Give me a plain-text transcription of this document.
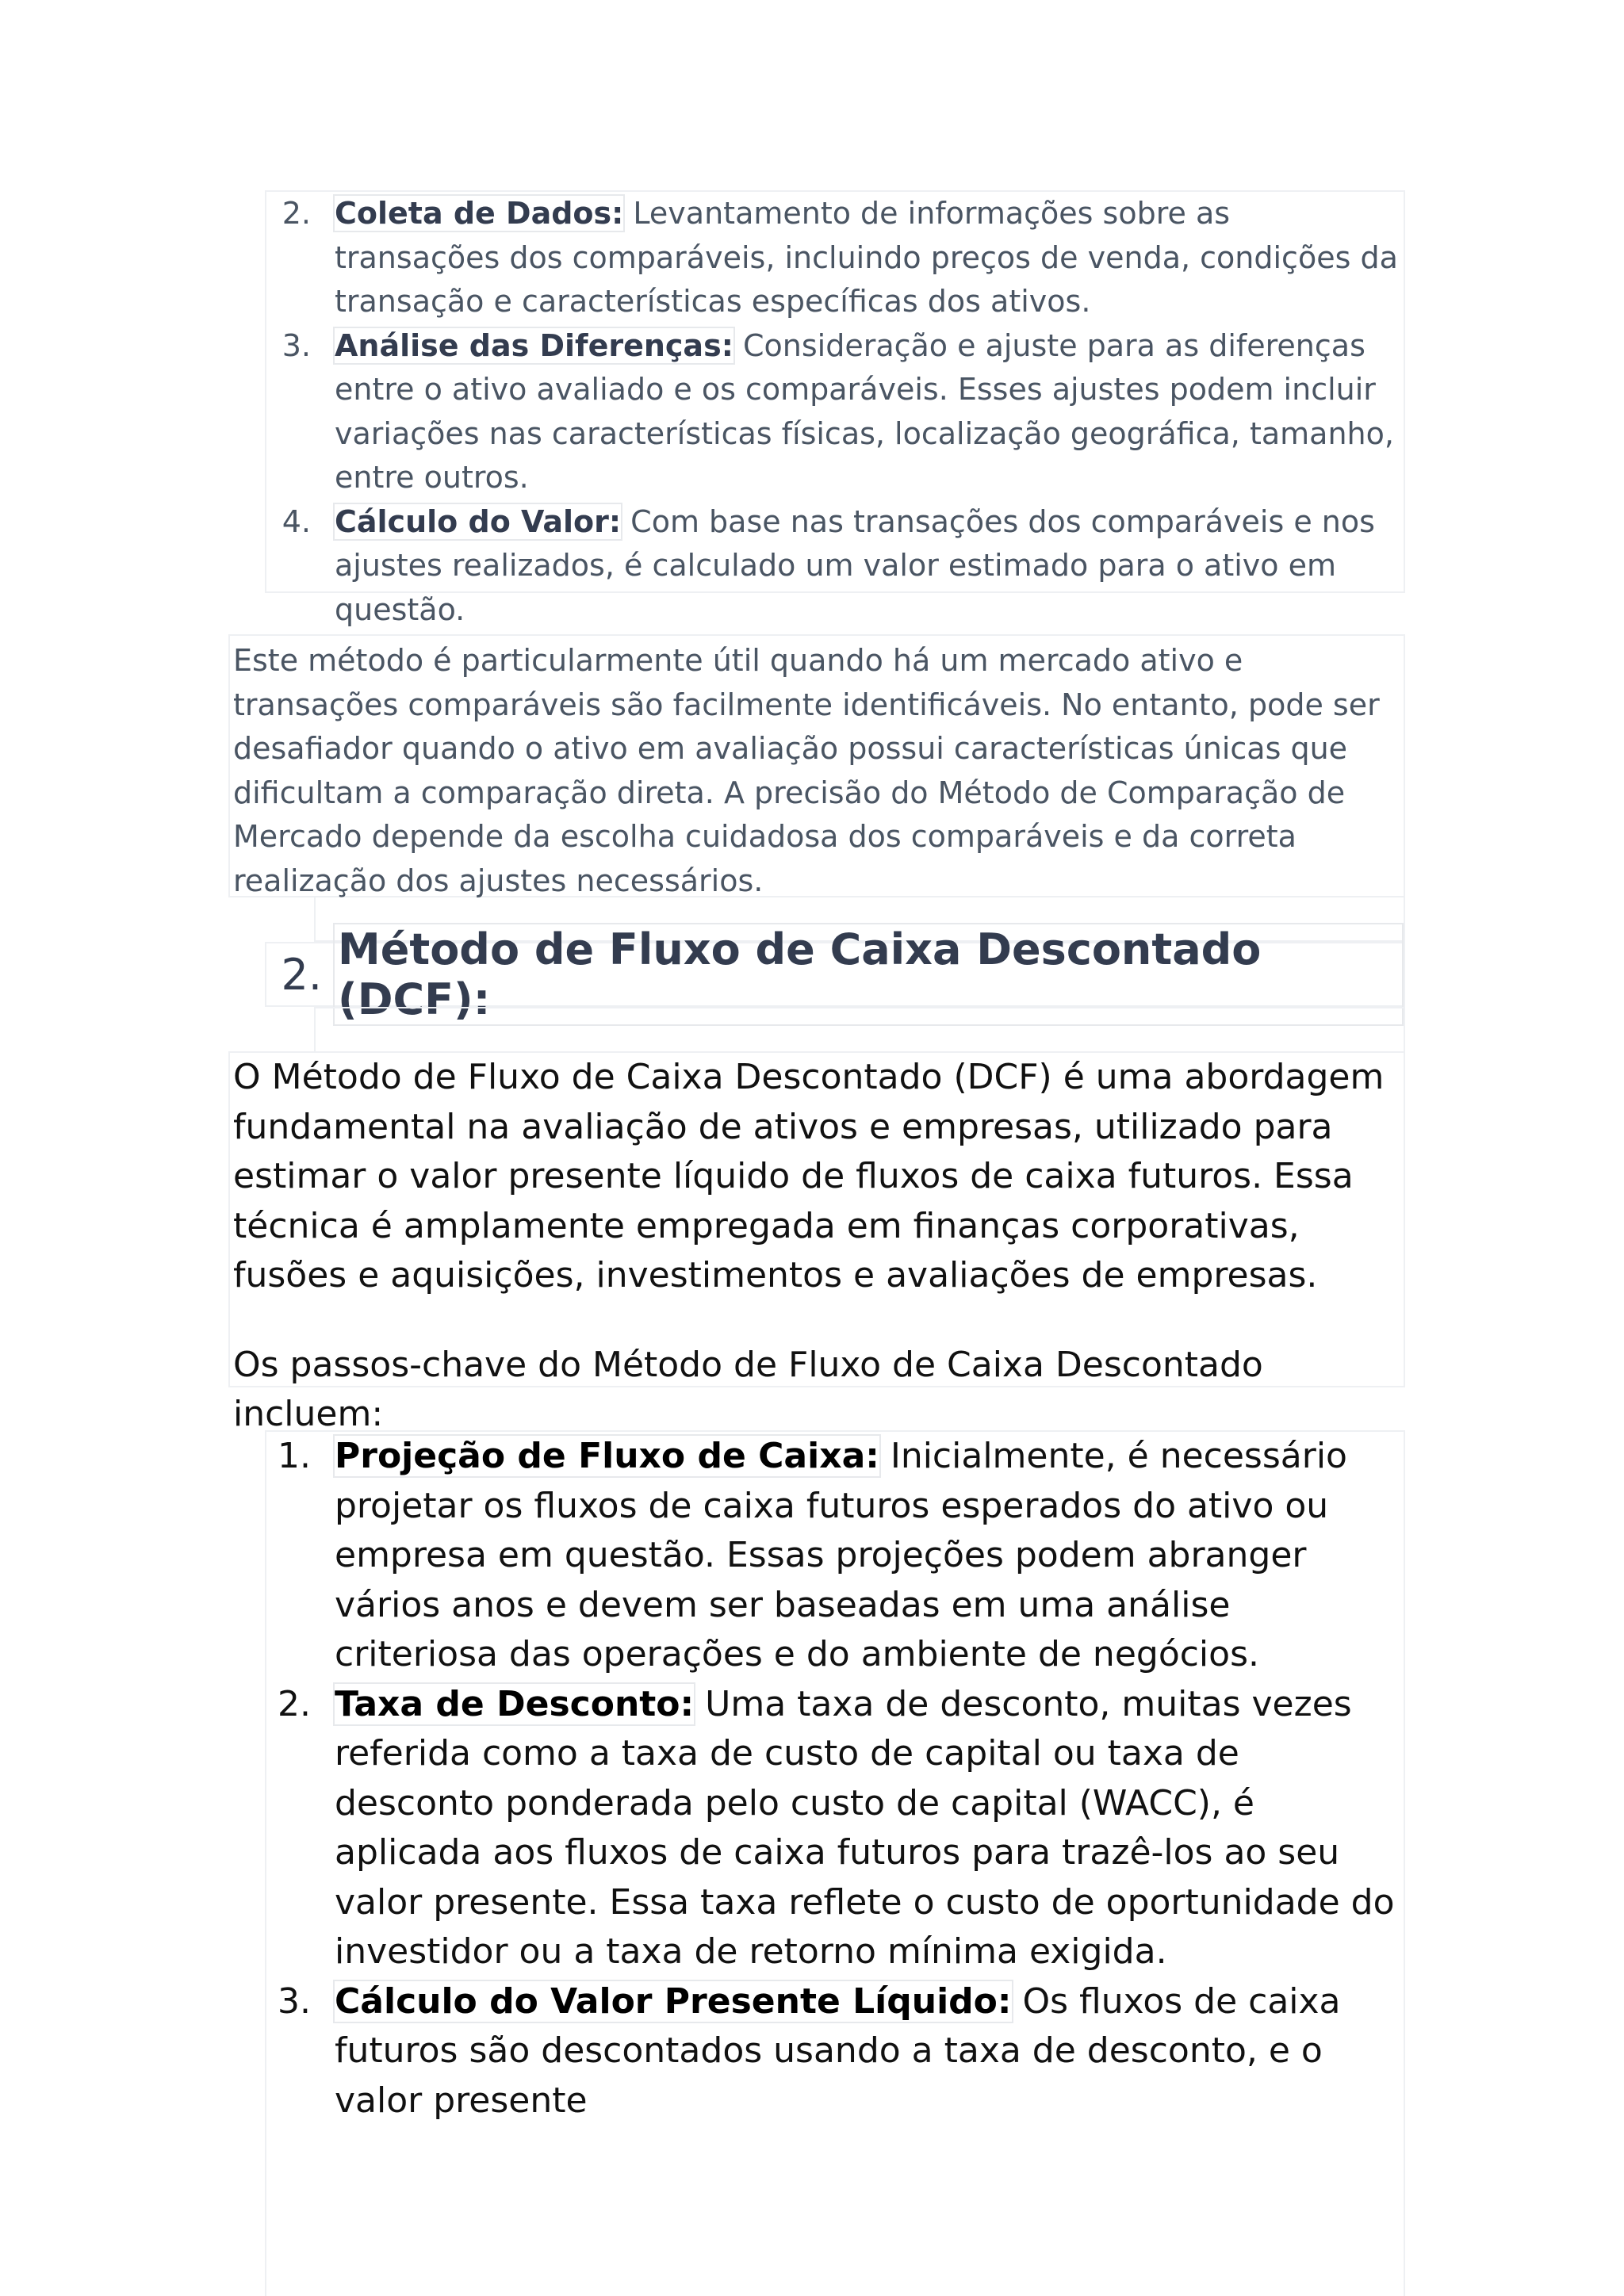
2. Coleta de Dados: Levantamento de informações sobre as transações dos comparáveis, incluindo preços de venda, condições da transação e características específicas dos ativos.
3. Análise das Diferenças: Consideração e ajuste para as diferenças entre o ativo avaliado e os comparáveis. Esses ajustes podem incluir variações nas características físicas, localização geográfica, tamanho, entre outros.
4. Cálculo do Valor: Com base nas transações dos comparáveis e nos ajustes realizados, é calculado um valor estimado para o ativo em questão.
Este método é particularmente útil quando há um mercado ativo e transações comparáveis são facilmente identificáveis. No entanto, pode ser desafiador quando o ativo em avaliação possui características únicas que dificultam a comparação direta. A precisão do Método de Comparação de Mercado depende da escolha cuidadosa dos comparáveis e da correta realização dos ajustes necessários.
2. Método de Fluxo de Caixa Descontado (DCF):

O Método de Fluxo de Caixa Descontado (DCF) é uma abordagem fundamental na avaliação de ativos e empresas, utilizado para estimar o valor presente líquido de fluxos de caixa futuros. Essa técnica é amplamente empregada em finanças corporativas, fusões e aquisições, investimentos e avaliações de empresas.

Os passos-chave do Método de Fluxo de Caixa Descontado incluem:

1. Projeção de Fluxo de Caixa: Inicialmente, é necessário projetar os fluxos de caixa futuros esperados do ativo ou empresa em questão. Essas projeções podem abranger vários anos e devem ser baseadas em uma análise criteriosa das operações e do ambiente de negócios.
2. Taxa de Desconto: Uma taxa de desconto, muitas vezes referida como a taxa de custo de capital ou taxa de desconto ponderada pelo custo de capital (WACC), é aplicada aos fluxos de caixa futuros para trazê-los ao seu valor presente. Essa taxa reflete o custo de oportunidade do investidor ou a taxa de retorno mínima exigida.
3. Cálculo do Valor Presente Líquido: Os fluxos de caixa futuros são descontados usando a taxa de desconto, e o valor presente
